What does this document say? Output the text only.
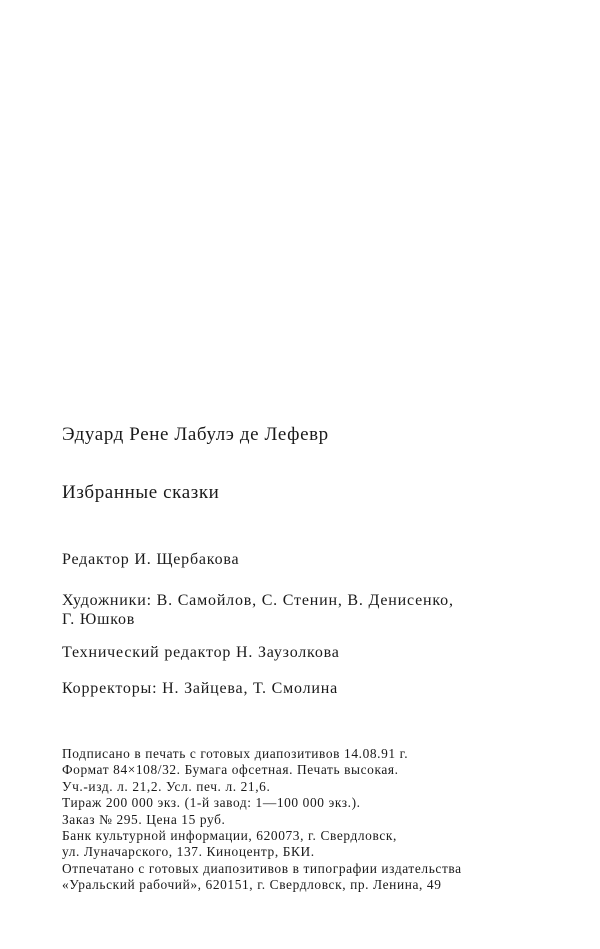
Эдуард Рене Лабулэ де Лефевр
Избранные сказки
Редактор И. Щербакова
Художники: В. Самойлов, С. Стенин, В. Денисенко,
Г. Юшков
Технический редактор Н. Заузолкова
Корректоры: Н. Зайцева, Т. Смолина
Подписано в печать с готовых диапозитивов 14.08.91 г.
Формат 84×108/32. Бумага офсетная. Печать высокая.
Уч.-изд. л. 21,2. Усл. печ. л. 21,6.
Тираж 200 000 экз. (1-й завод: 1—100 000 экз.).
Заказ № 295. Цена 15 руб.
Банк культурной информации, 620073, г. Свердловск,
ул. Луначарского, 137. Киноцентр, БКИ.
Отпечатано с готовых диапозитивов в типографии издательства
«Уральский рабочий», 620151, г. Свердловск, пр. Ленина, 49
